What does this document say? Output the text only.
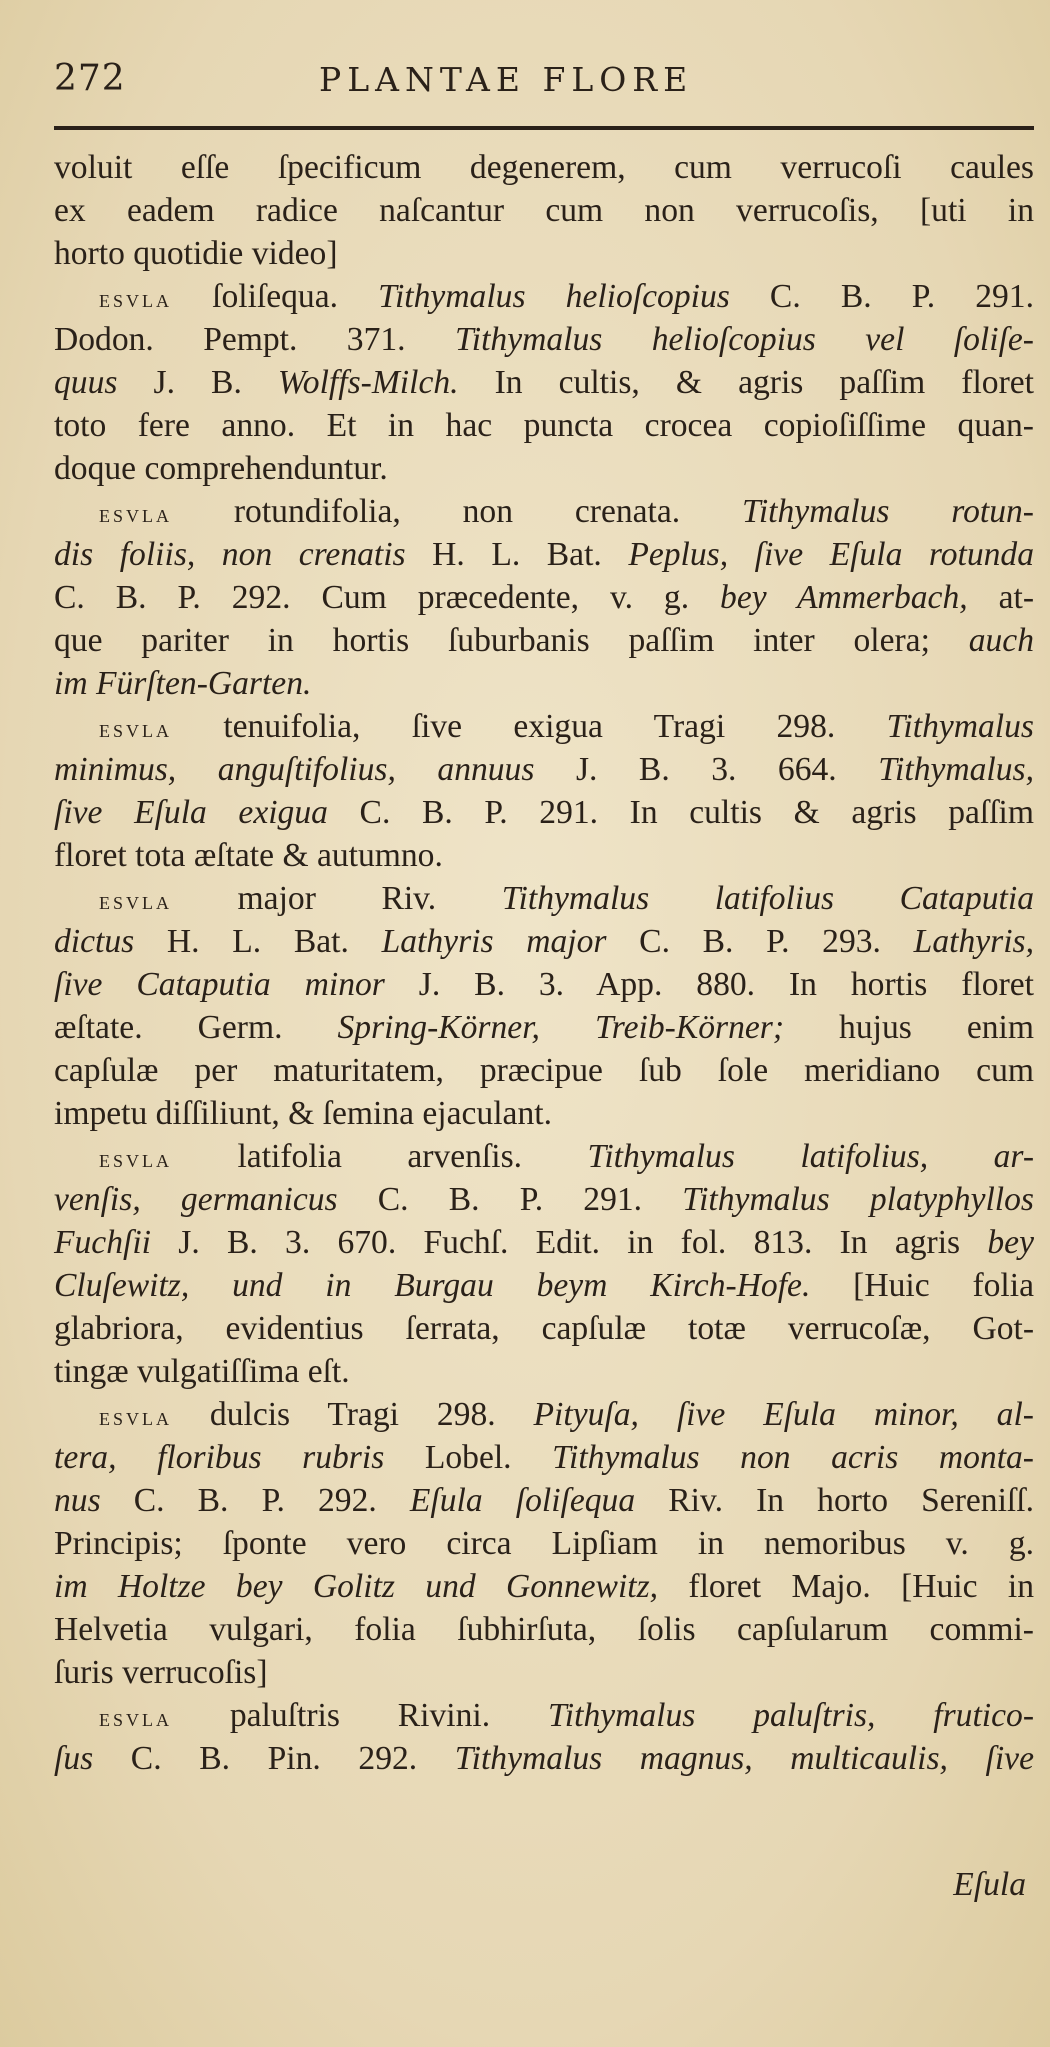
272	PLANTAE FLORE
voluit eſſe ſpecificum degenerem, cum verrucoſi caules
ex eadem radice naſcantur cum non verrucoſis, [uti in
horto quotidie video]
esvla ſoliſequa. Tithymalus helioſcopius C. B. P. 291.
Dodon. Pempt. 371. Tithymalus helioſcopius vel ſoliſe-
quus J. B. Wolffs-Milch. In cultis, & agris paſſim floret
toto fere anno. Et in hac puncta crocea copioſiſſime quan-
doque comprehenduntur.
esvla rotundifolia, non crenata. Tithymalus rotun-
dis foliis, non crenatis H. L. Bat. Peplus, ſive Eſula rotunda
C. B. P. 292. Cum præcedente, v. g. bey Ammerbach, at-
que pariter in hortis ſuburbanis paſſim inter olera; auch
im Fürſten-Garten.
esvla tenuifolia, ſive exigua Tragi 298. Tithymalus
minimus, anguſtifolius, annuus J. B. 3. 664. Tithymalus,
ſive Eſula exigua C. B. P. 291. In cultis & agris paſſim
floret tota æſtate & autumno.
esvla major Riv. Tithymalus latifolius Cataputia
dictus H. L. Bat. Lathyris major C. B. P. 293. Lathyris,
ſive Cataputia minor J. B. 3. App. 880. In hortis floret
æſtate. Germ. Spring-Körner, Treib-Körner; hujus enim
capſulæ per maturitatem, præcipue ſub ſole meridiano cum
impetu diſſiliunt, & ſemina ejaculant.
esvla latifolia arvenſis. Tithymalus latifolius, ar-
venſis, germanicus C. B. P. 291. Tithymalus platyphyllos
Fuchſii J. B. 3. 670. Fuchſ. Edit. in fol. 813. In agris bey
Cluſewitz, und in Burgau beym Kirch-Hofe. [Huic folia
glabriora, evidentius ſerrata, capſulæ totæ verrucoſæ, Got-
tingæ vulgatiſſima eſt.
esvla dulcis Tragi 298. Pityuſa, ſive Eſula minor, al-
tera, floribus rubris Lobel. Tithymalus non acris monta-
nus C. B. P. 292. Eſula ſoliſequa Riv. In horto Sereniſſ.
Principis; ſponte vero circa Lipſiam in nemoribus v. g.
im Holtze bey Golitz und Gonnewitz, floret Majo. [Huic in
Helvetia vulgari, folia ſubhirſuta, ſolis capſularum commi-
ſuris verrucoſis]
esvla paluſtris Rivini. Tithymalus paluſtris, frutico-
ſus C. B. Pin. 292. Tithymalus magnus, multicaulis, ſive
Eſula
